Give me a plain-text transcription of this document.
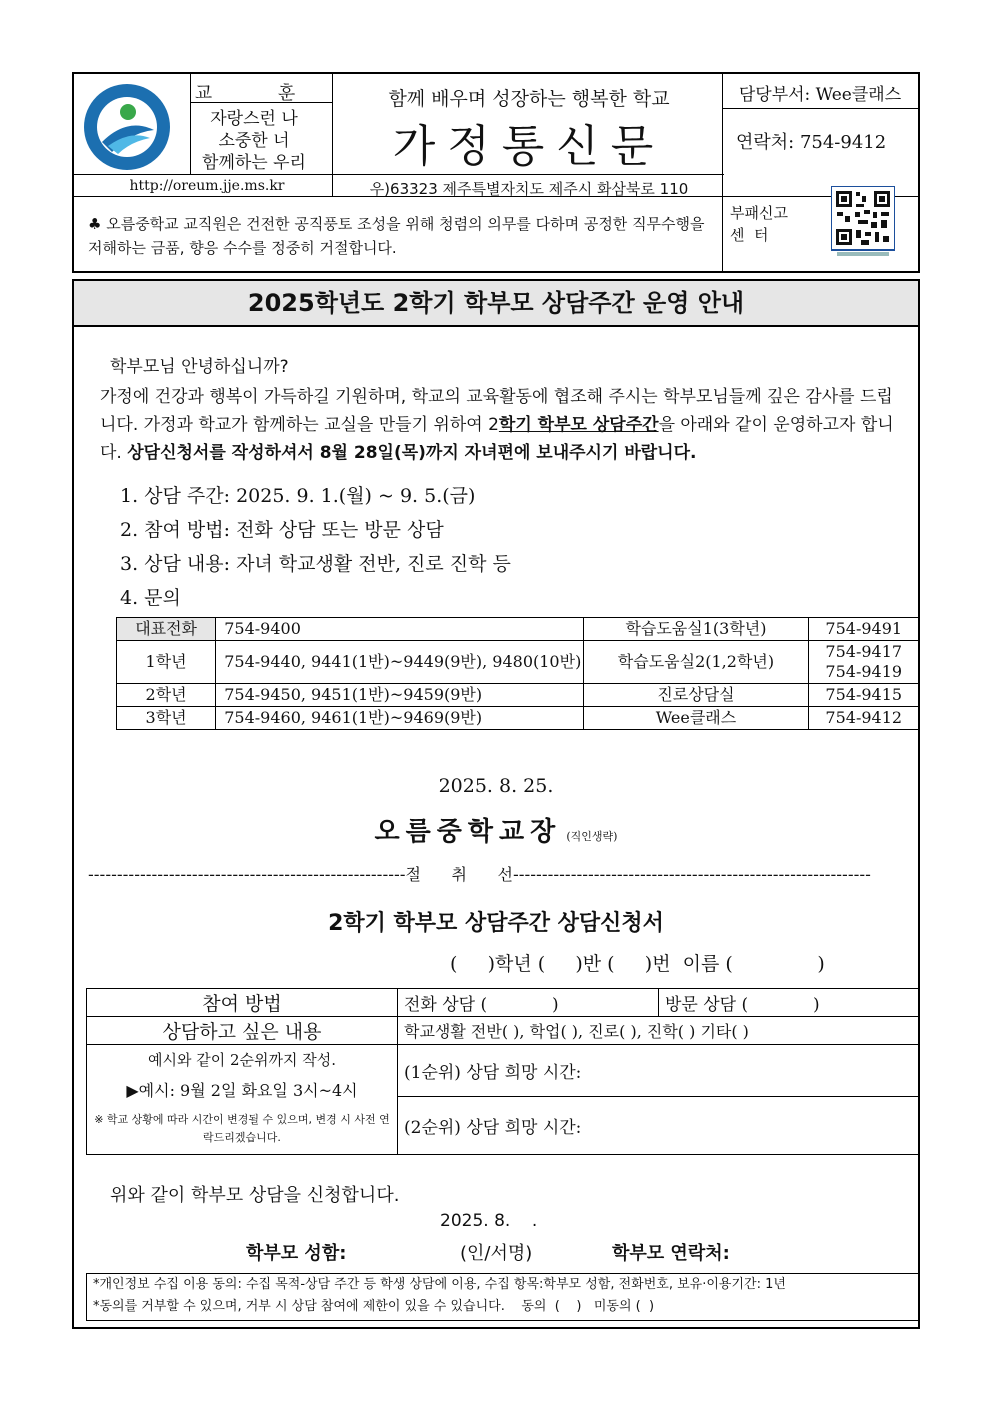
교 훈
자랑스런 나
소중한 너
함께하는 우리
http://oreum.jje.ms.kr
함께 배우며 성장하는 행복한 학교
가정통신문
우)63323 제주특별자치도 제주시 화삼북로 110
담당부서: Wee클래스
연락처: 754-9412
♣ 오름중학교 교직원은 건전한 공직풍토 조성을 위해 청렴의 의무를 다하며 공정한 직무수행을 저해하는 금품, 향응 수수를 정중히 거절합니다.
부패신고
센  터
2025학년도 2학기 학부모 상담주간 운영 안내
학부모님 안녕하십니까?
가정에 건강과 행복이 가득하길 기원하며, 학교의 교육활동에 협조해 주시는 학부모님들께 깊은 감사를 드립니다. 가정과 학교가 함께하는 교실을 만들기 위하여 2학기 학부모 상담주간을 아래와 같이 운영하고자 합니다. 상담신청서를 작성하셔서 8월 28일(목)까지 자녀편에 보내주시기 바랍니다.
1. 상담 주간: 2025. 9. 1.(월) ~ 9. 5.(금)
2. 참여 방법: 전화 상담 또는 방문 상담
3. 상담 내용: 자녀 학교생활 전반, 진로 진학 등
4. 문의
대표전화	754-9400	학습도움실1(3학년)	754-9491
1학년	754-9440, 9441(1반)~9449(9반), 9480(10반)	학습도움실2(1,2학년)	754-9417
754-9419
2학년	754-9450, 9451(1반)~9459(9반)	진로상담실	754-9415
3학년	754-9460, 9461(1반)~9469(9반)	Wee클래스	754-9412
2025. 8. 25.
오름중학교장 (직인생략)
-------------------------------------------------------절      취      선--------------------------------------------------------------
2학기 학부모 상담주간 상담신청서
(     )학년 (     )반 (     )번  이름 (              )
참여 방법	전화 상담 (            )	방문 상담 (            )
상담하고 싶은 내용	학교생활 전반( ), 학업( ), 진로( ), 진학( ) 기타( )	

예시와 같이 2순위까지 작성.
▶예시: 9월 2일 화요일 3시~4시
※ 학교 상황에 따라 시간이 변경될 수 있으며, 변경 시 사전 연락드리겠습니다.	(1순위) 상담 희망 시간:	
	(2순위) 상담 희망 시간:	
위와 같이 학부모 상담을 신청합니다.
2025. 8.    .
학부모 성함:	(인/서명)	학부모 연락처:
*개인정보 수집 이용 동의: 수집 목적-상담 주간 등 학생 상담에 이용, 수집 항목:학부모 성함, 전화번호, 보유·이용기간: 1년
*동의를 거부할 수 있으며, 거부 시 상담 참여에 제한이 있을 수 있습니다.    동의  (    )   미동의 (  )
